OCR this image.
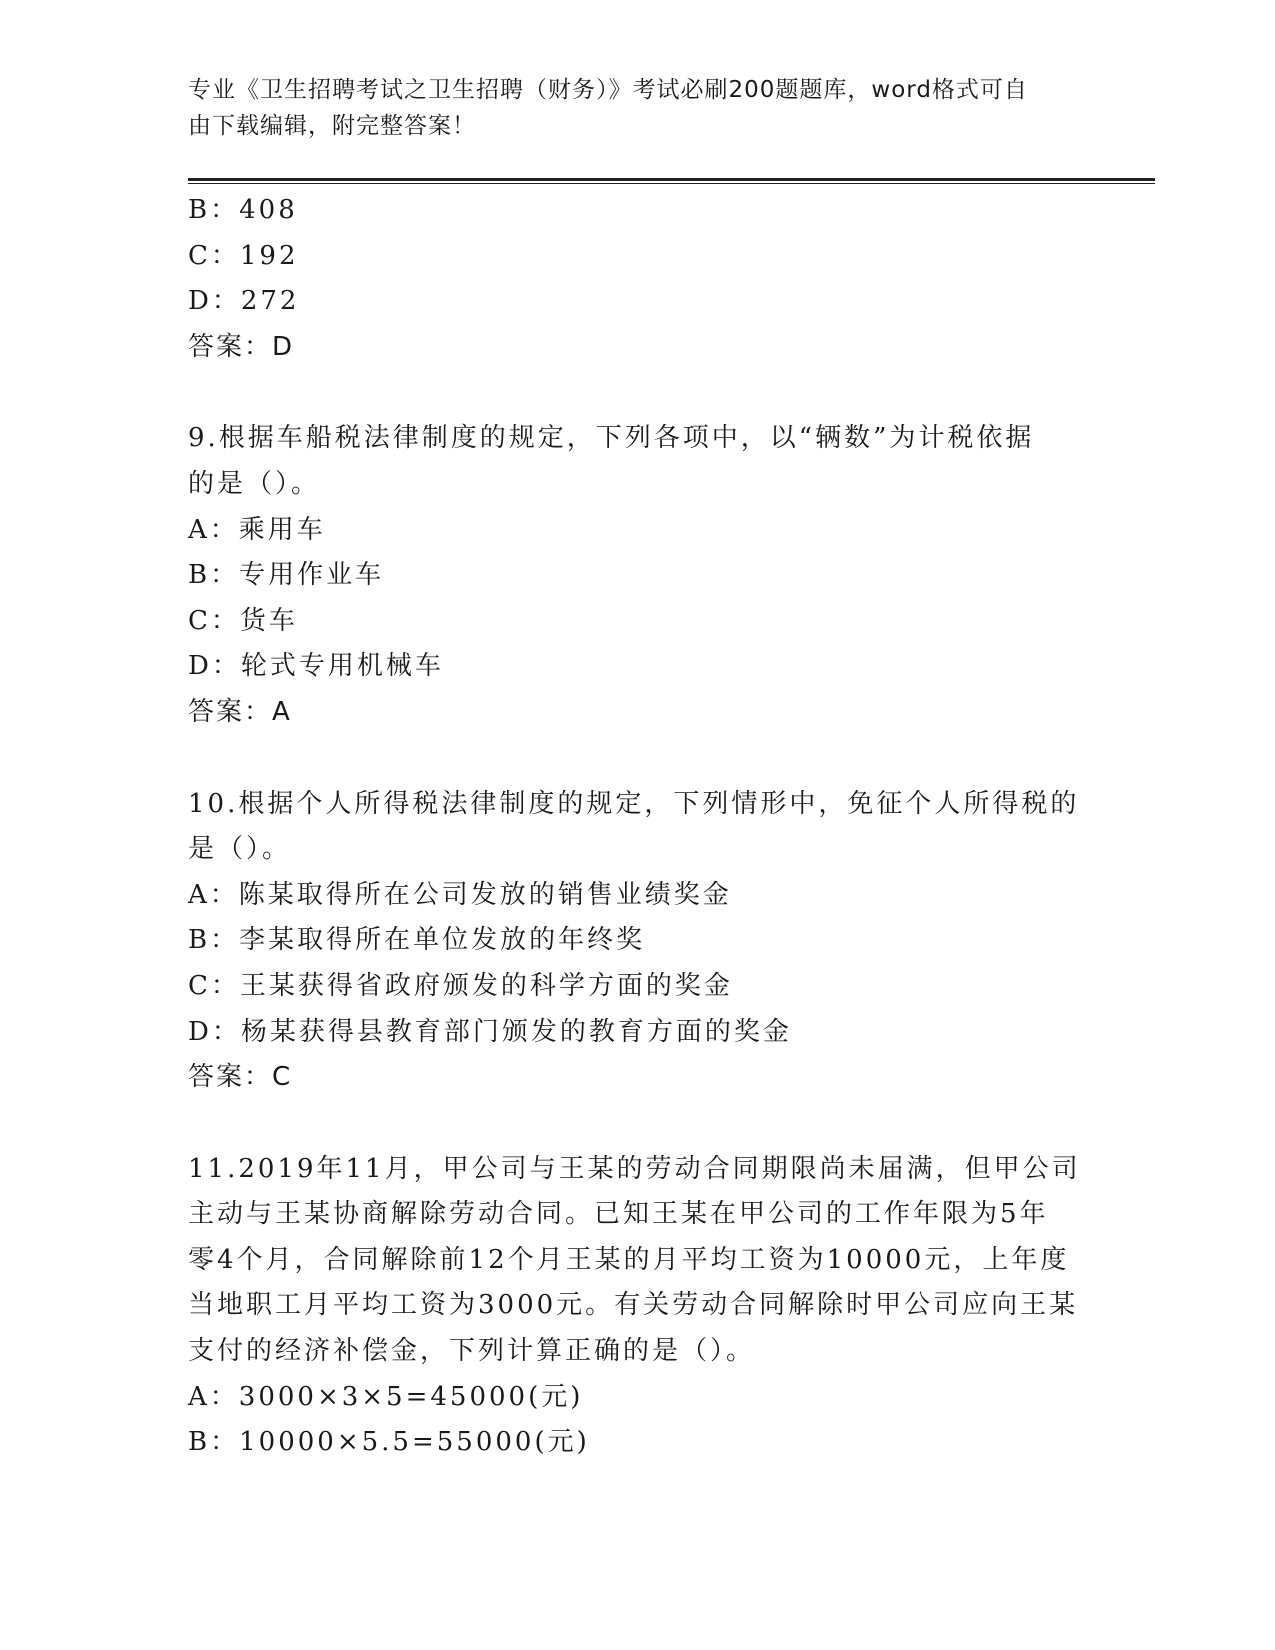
专业《卫生招聘考试之卫生招聘（财务）》考试必刷200题题库，word格式可自
由下载编辑，附完整答案！
B：408
C：192
D：272
答案：D
9.根据车船税法律制度的规定，下列各项中，以“辆数”为计税依据
的是（）。
A：乘用车
B：专用作业车
C：货车
D：轮式专用机械车
答案：A
10.根据个人所得税法律制度的规定，下列情形中，免征个人所得税的
是（）。
A：陈某取得所在公司发放的销售业绩奖金
B：李某取得所在单位发放的年终奖
C：王某获得省政府颁发的科学方面的奖金
D：杨某获得县教育部门颁发的教育方面的奖金
答案：C
11.2019年11月，甲公司与王某的劳动合同期限尚未届满，但甲公司
主动与王某协商解除劳动合同。已知王某在甲公司的工作年限为5年
零4个月，合同解除前12个月王某的月平均工资为10000元，上年度
当地职工月平均工资为3000元。有关劳动合同解除时甲公司应向王某
支付的经济补偿金，下列计算正确的是（）。
A：3000×3×5=45000(元)
B：10000×5.5=55000(元)
